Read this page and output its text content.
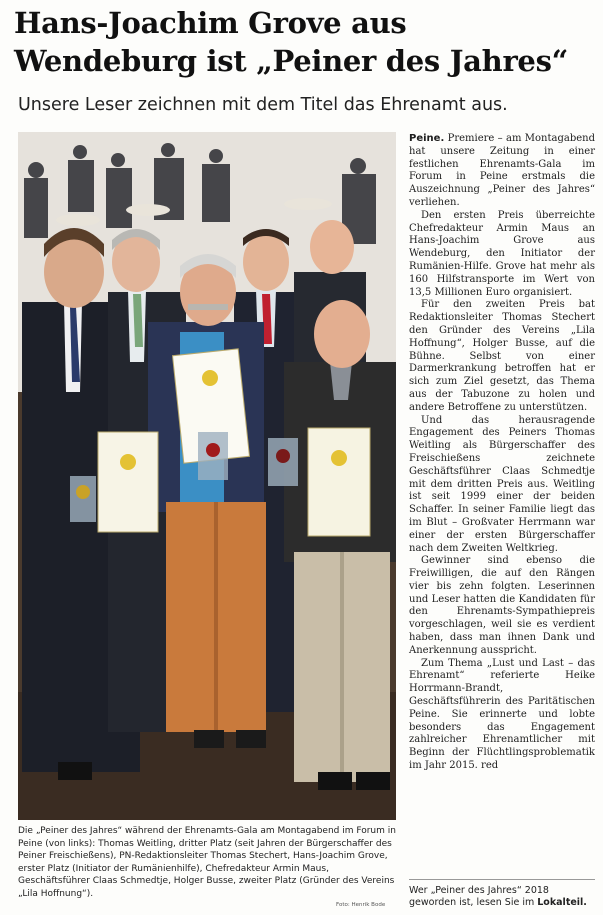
Hans-Joachim Grove aus
Wendeburg ist „Peiner des Jahres“
Unsere Leser zeichnen mit dem Titel das Ehrenamt aus.
Foto: Henrik Bode
Die „Peiner des Jahres“ während der Ehrenamts-Gala am Montagabend im Forum in Peine (von links): Thomas Weitling, dritter Platz (seit Jahren der Bürgerschaffer des Peiner Freischießens), PN-Redaktionsleiter Thomas Stechert, Hans-Joachim Grove, erster Platz (Initiator der Rumänienhilfe), Chefredakteur Armin Maus, Geschäftsführer Claas Schmedtje, Holger Busse, zweiter Platz (Gründer des Vereins „Lila Hoffnung“).

Peine. Premiere – am Montagabend hat unsere Zeitung in einer festlichen Ehrenamts-Gala im Forum in Peine erstmals die Auszeichnung „Peiner des Jahres“ verliehen.

Den ersten Preis überreichte Chefredakteur Armin Maus an Hans-Joachim Grove aus Wendeburg, den Initiator der Rumänien-Hilfe. Grove hat mehr als 160 Hilfstransporte im Wert von 13,5 Millionen Euro organisiert.

Für den zweiten Preis bat Redaktionsleiter Thomas Stechert den Gründer des Vereins „Lila Hoffnung“, Holger Busse, auf die Bühne. Selbst von einer Darmerkrankung betroffen hat er sich zum Ziel gesetzt, das Thema aus der Tabuzone zu holen und andere Betroffene zu unterstützen.

Und das herausragende Engagement des Peiners Thomas Weitling als Bürgerschaffer des Freischießens zeichnete Geschäftsführer Claas Schmedtje mit dem dritten Preis aus. Weitling ist seit 1999 einer der beiden Schaffer. In seiner Familie liegt das im Blut – Großvater Herrmann war einer der ersten Bürgerschaffer nach dem Zweiten Weltkrieg.

Gewinner sind ebenso die Freiwilligen, die auf den Rängen vier bis zehn folgten. Leserinnen und Leser hatten die Kandidaten für den Ehrenamts-Sympathiepreis vorgeschlagen, weil sie es verdient haben, dass man ihnen Dank und Anerkennung ausspricht.

Zum Thema „Lust und Last – das Ehrenamt“ referierte Heike Horrmann-Brandt, Geschäftsführerin des Paritätischen Peine. Sie erinnerte und lobte besonders das Engagement zahlreicher Ehrenamtlicher mit Beginn der Flüchtlingsproblematik im Jahr 2015. red

Wer „Peiner des Jahres“ 2018 geworden ist, lesen Sie im Lokalteil.
